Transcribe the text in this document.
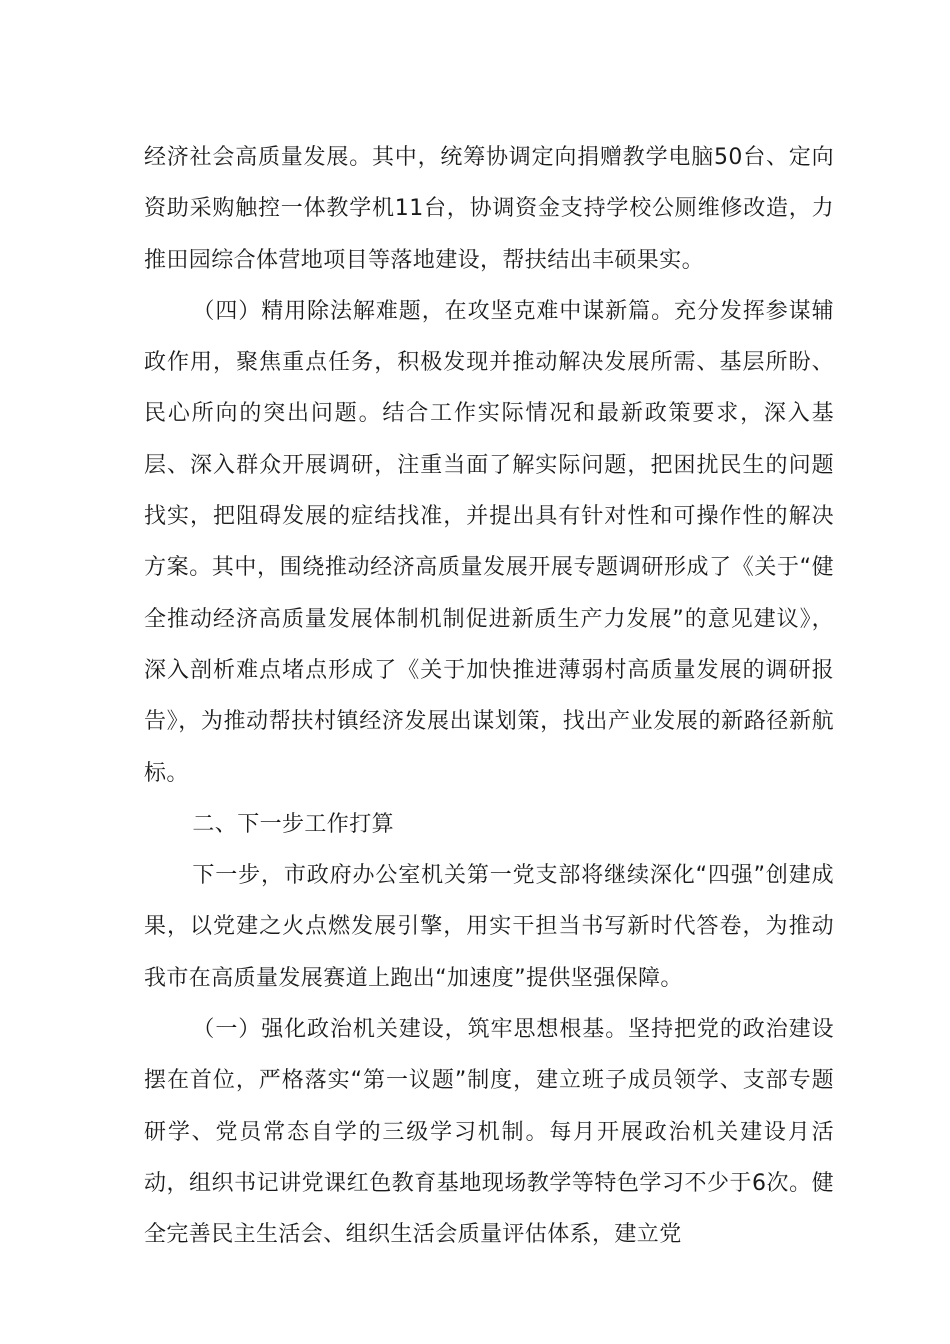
经济社会高质量发展。其中，统筹协调定向捐赠教学电脑50台、定向资助采购触控一体教学机11台，协调资金支持学校公厕维修改造，力推田园综合体营地项目等落地建设，帮扶结出丰硕果实。

（四）精用除法解难题，在攻坚克难中谋新篇。充分发挥参谋辅政作用，聚焦重点任务，积极发现并推动解决发展所需、基层所盼、民心所向的突出问题。结合工作实际情况和最新政策要求，深入基层、深入群众开展调研，注重当面了解实际问题，把困扰民生的问题找实，把阻碍发展的症结找准，并提出具有针对性和可操作性的解决方案。其中，围绕推动经济高质量发展开展专题调研形成了《关于“健全推动经济高质量发展体制机制促进新质生产力发展”的意见建议》，深入剖析难点堵点形成了《关于加快推进薄弱村高质量发展的调研报告》，为推动帮扶村镇经济发展出谋划策，找出产业发展的新路径新航标。

二、下一步工作打算

下一步，市政府办公室机关第一党支部将继续深化“四强”创建成果，以党建之火点燃发展引擎，用实干担当书写新时代答卷，为推动我市在高质量发展赛道上跑出“加速度”提供坚强保障。

（一）强化政治机关建设，筑牢思想根基。坚持把党的政治建设摆在首位，严格落实“第一议题”制度，建立班子成员领学、支部专题研学、党员常态自学的三级学习机制。每月开展政治机关建设月活动，组织书记讲党课红色教育基地现场教学等特色学习不少于6次。健全完善民主生活会、组织生活会质量评估体系，建立党
